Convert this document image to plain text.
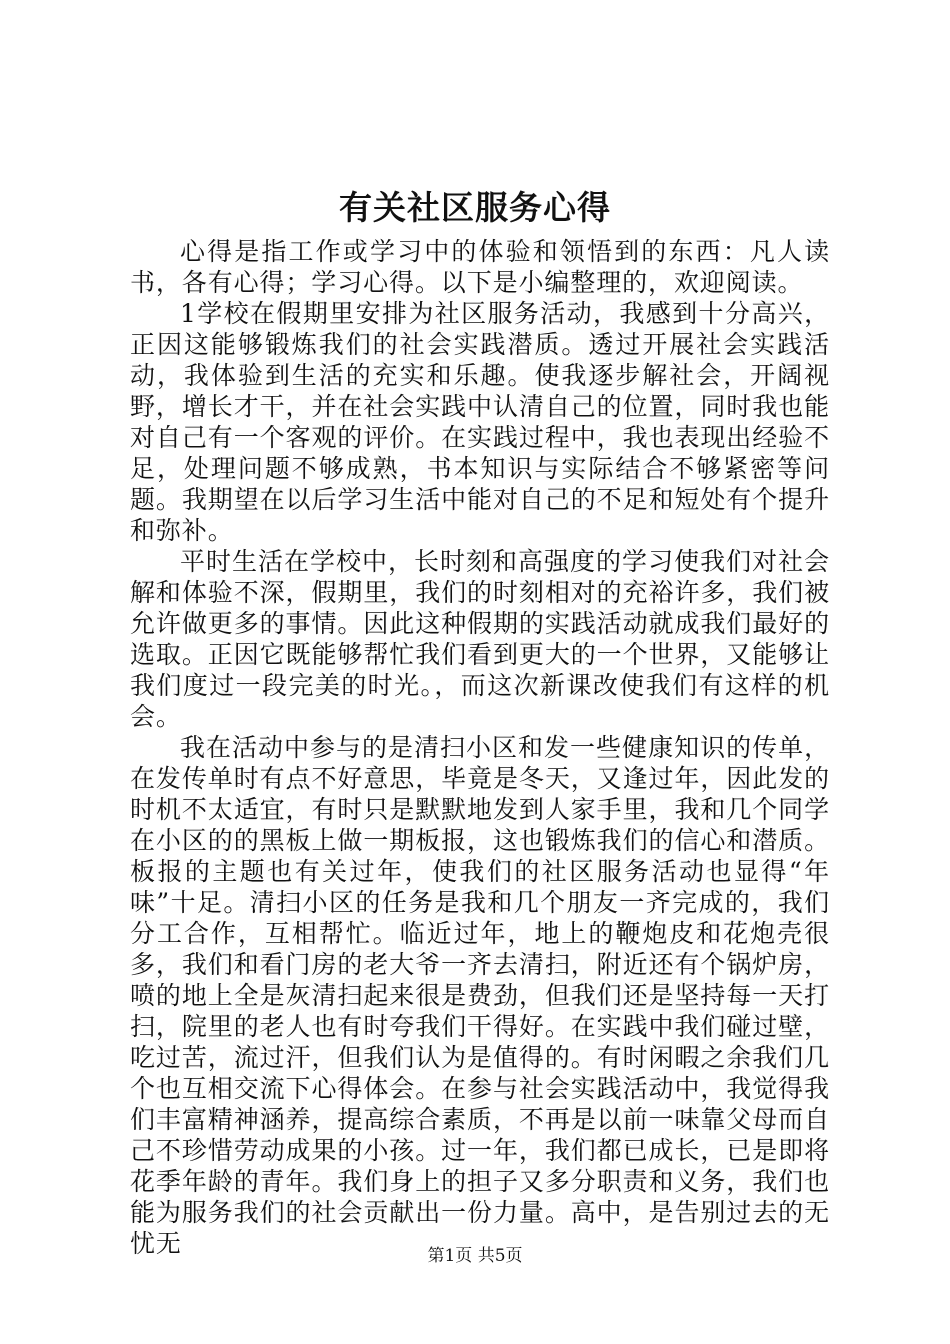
有关社区服务心得

心得是指工作或学习中的体验和领悟到的东西：凡人读书，各有心得；学习心得。以下是小编整理的，欢迎阅读。

1学校在假期里安排为社区服务活动，我感到十分高兴，正因这能够锻炼我们的社会实践潜质。透过开展社会实践活动，我体验到生活的充实和乐趣。使我逐步解社会，开阔视野，增长才干，并在社会实践中认清自己的位置，同时我也能对自己有一个客观的评价。在实践过程中，我也表现出经验不足，处理问题不够成熟，书本知识与实际结合不够紧密等问题。我期望在以后学习生活中能对自己的不足和短处有个提升和弥补。

平时生活在学校中，长时刻和高强度的学习使我们对社会解和体验不深，假期里，我们的时刻相对的充裕许多，我们被允许做更多的事情。因此这种假期的实践活动就成我们最好的选取。正因它既能够帮忙我们看到更大的一个世界，又能够让我们度过一段完美的时光。，而这次新课改使我们有这样的机会。

我在活动中参与的是清扫小区和发一些健康知识的传单，在发传单时有点不好意思，毕竟是冬天，又逢过年，因此发的时机不太适宜，有时只是默默地发到人家手里，我和几个同学在小区的的黑板上做一期板报，这也锻炼我们的信心和潜质。板报的主题也有关过年，使我们的社区服务活动也显得“年味”十足。清扫小区的任务是我和几个朋友一齐完成的，我们分工合作，互相帮忙。临近过年，地上的鞭炮皮和花炮壳很多，我们和看门房的老大爷一齐去清扫，附近还有个锅炉房，喷的地上全是灰清扫起来很是费劲，但我们还是坚持每一天打扫，院里的老人也有时夸我们干得好。在实践中我们碰过壁，吃过苦，流过汗，但我们认为是值得的。有时闲暇之余我们几个也互相交流下心得体会。在参与社会实践活动中，我觉得我们丰富精神涵养，提高综合素质，不再是以前一味靠父母而自己不珍惜劳动成果的小孩。过一年，我们都已成长，已是即将花季年龄的青年。我们身上的担子又多分职责和义务，我们也能为服务我们的社会贡献出一份力量。高中，是告别过去的无忧无	第1页 共5页
